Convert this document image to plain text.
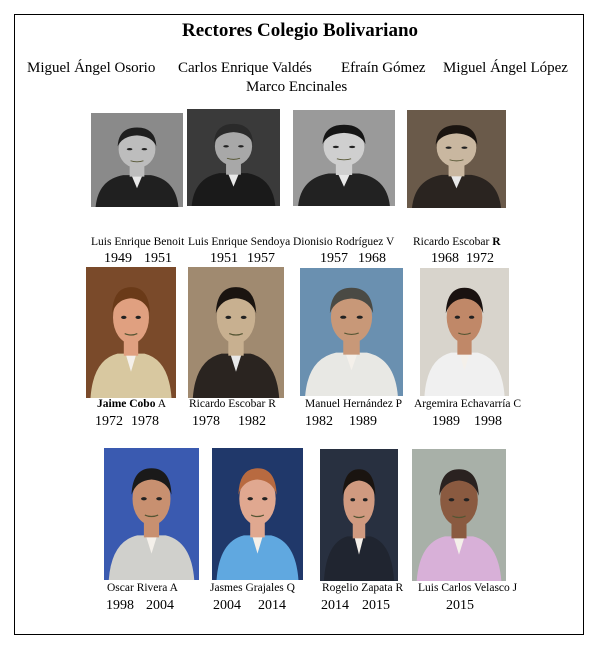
Rectores Colegio Bolivariano
Miguel Ángel Osorio Carlos Enrique Valdés Efraín Gómez Miguel Ángel López
Marco Encinales
Luis Enrique Benoit
1949 1951
Luis Enrique Sendoya
1951 1957
Dionisio Rodríguez V
1957 1968
Ricardo Escobar R
1968 1972
Jaime Cobo A
1972 1978
Ricardo Escobar R
1978 1982
Manuel Hernández P
1982 1989
Argemira Echavarría C
1989 1998
Oscar Rivera A
1998 2004
Jasmes Grajales Q
2004 2014
Rogelio Zapata R
2014 2015
Luis Carlos Velasco J
2015
